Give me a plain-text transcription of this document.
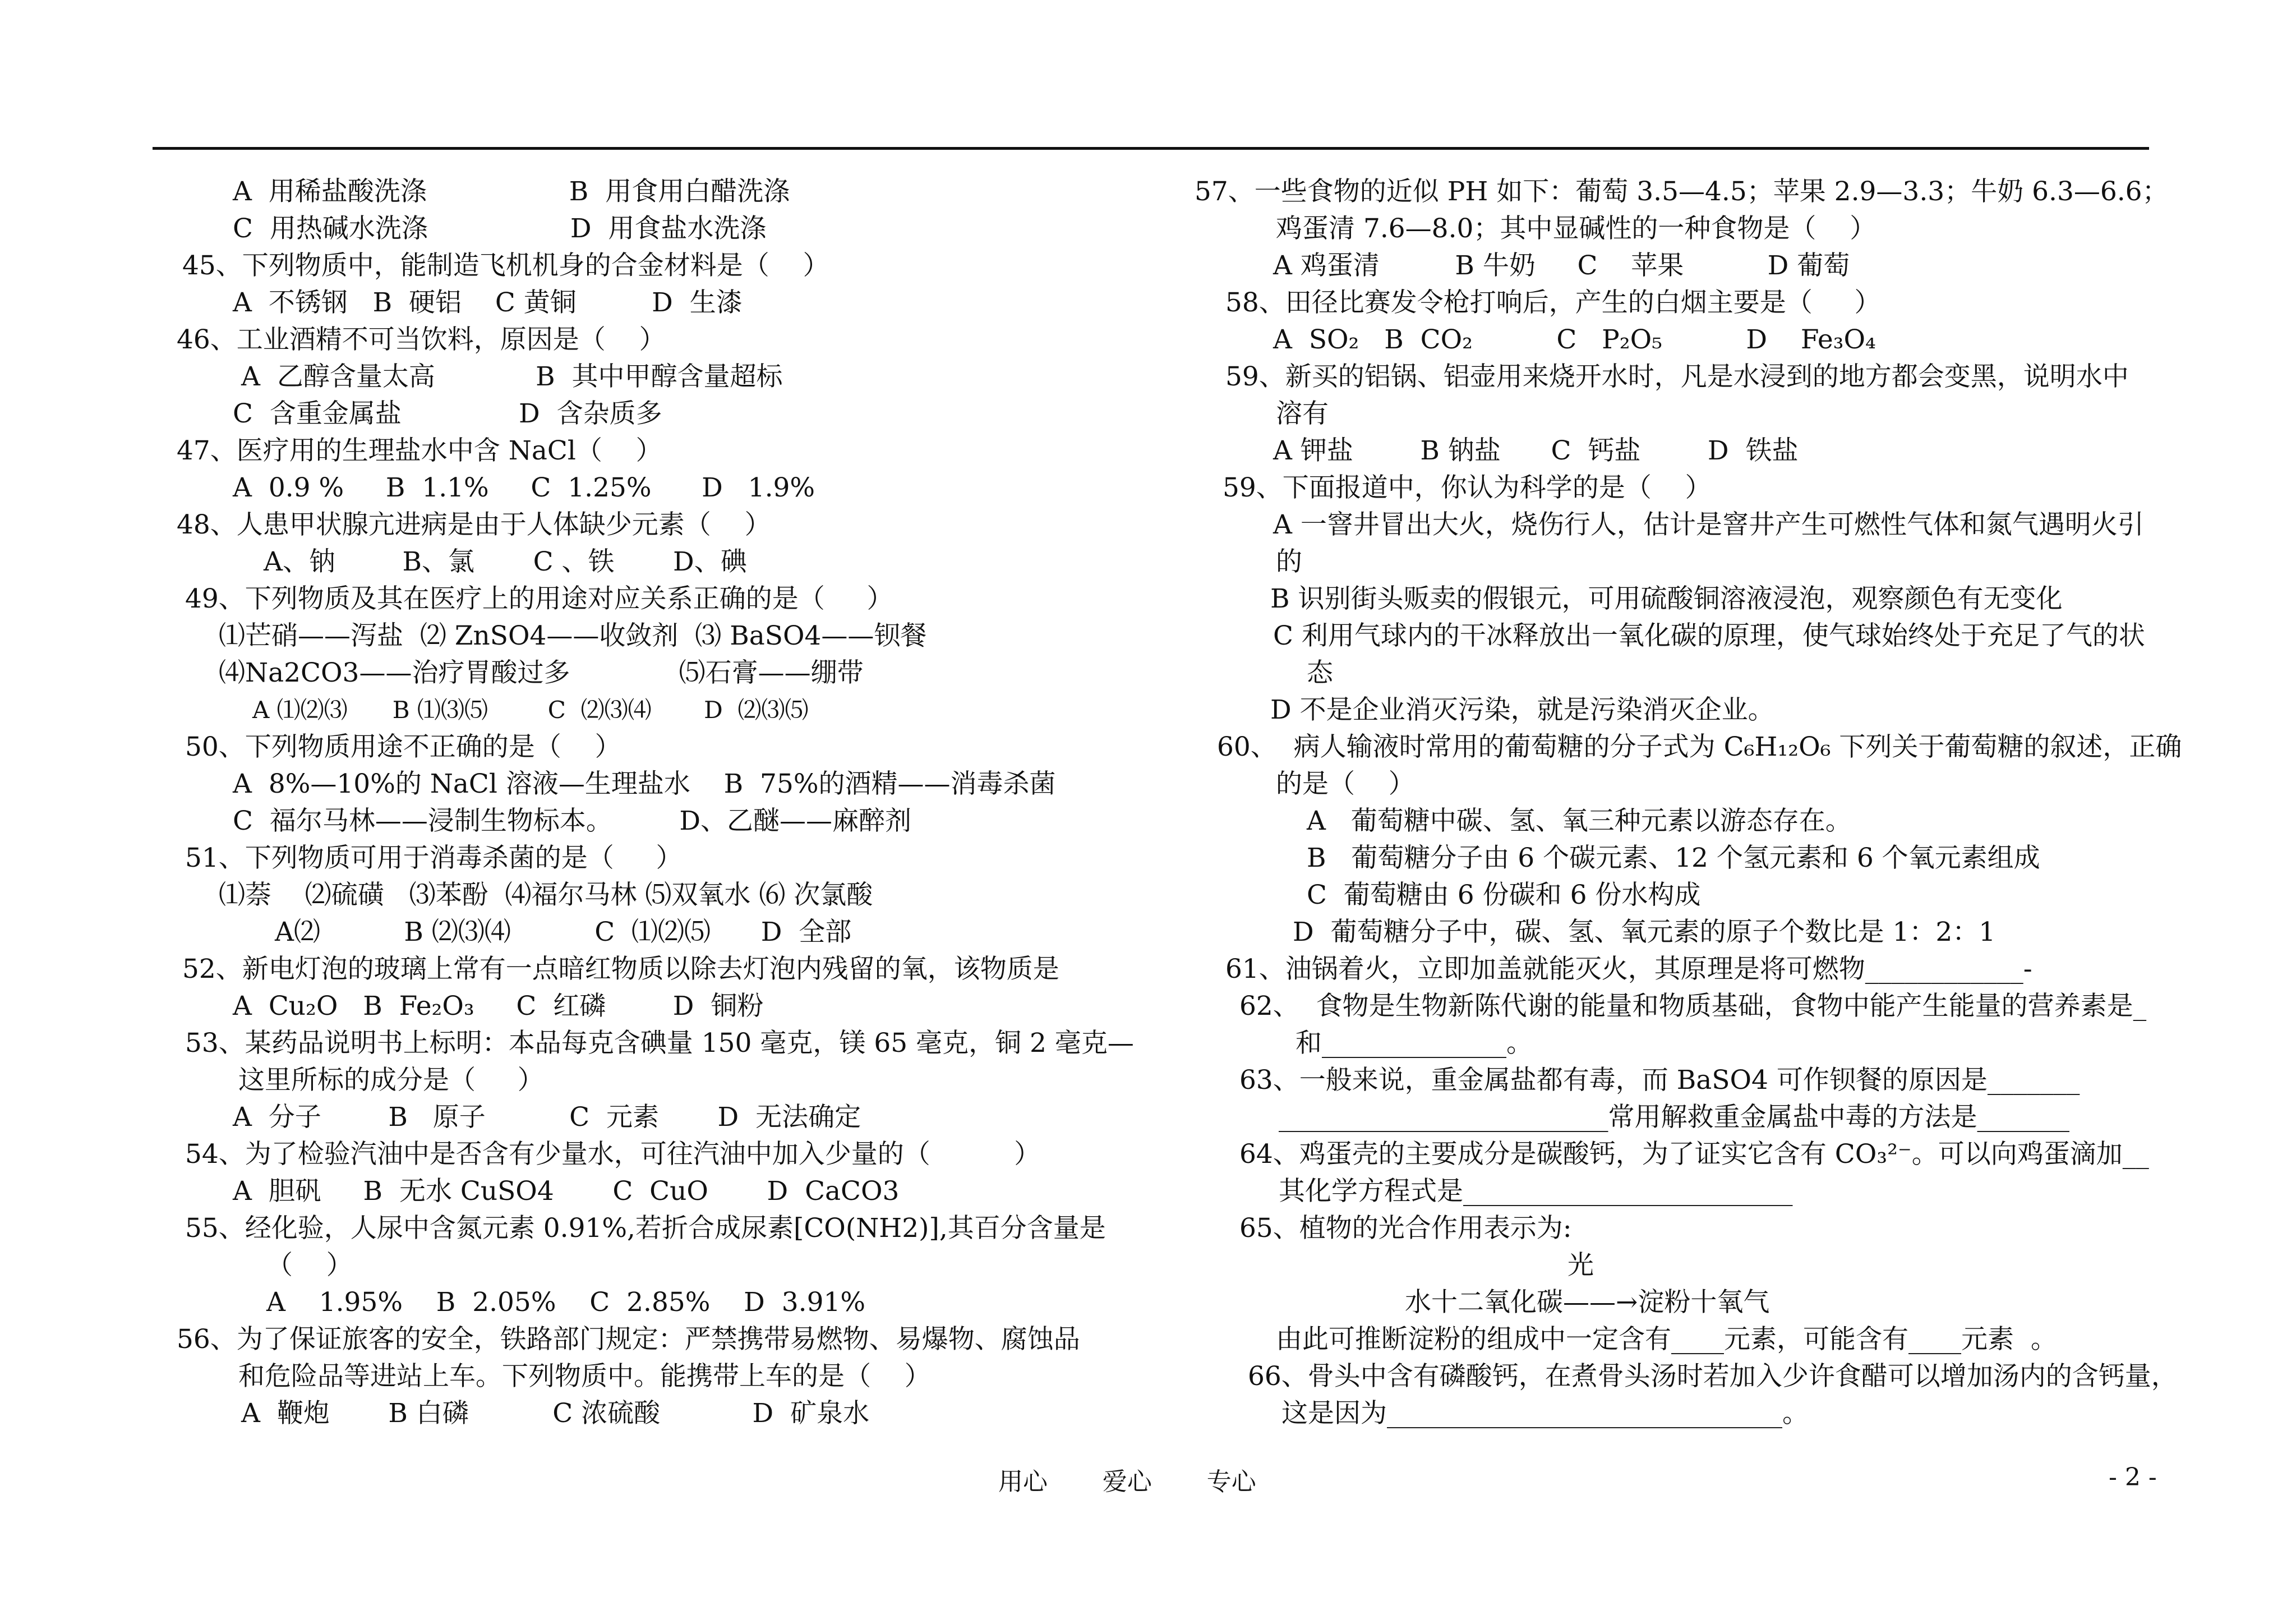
A  用稀盐酸洗涤                 B  用食用白醋洗涤
C  用热碱水洗涤                 D  用食盐水洗涤
45、下列物质中，能制造飞机机身的合金材料是（    ）
A  不锈钢   B  硬铝    C 黄铜         D  生漆
46、工业酒精不可当饮料，原因是（    ）
A  乙醇含量太高            B  其中甲醇含量超标
C  含重金属盐              D  含杂质多
47、医疗用的生理盐水中含 NaCl（    ）
A  0.9 %     B  1.1%     C  1.25%      D   1.9%
48、人患甲状腺亢进病是由于人体缺少元素（    ）
A、钠        B、氯       C 、铁       D、碘
49、下列物质及其在医疗上的用途对应关系正确的是（     ）
⑴芒硝——泻盐  ⑵ ZnSO4——收敛剂  ⑶ BaSO4——钡餐
⑷Na2CO3——治疗胃酸过多             ⑸石膏——绷带
A ⑴⑵⑶      B ⑴⑶⑸        C  ⑵⑶⑷       D  ⑵⑶⑸
50、下列物质用途不正确的是（    ）
A  8%—10%的 NaCl 溶液—生理盐水    B  75%的酒精——消毒杀菌
C  福尔马林——浸制生物标本。        D、乙醚——麻醉剂
51、下列物质可用于消毒杀菌的是（     ）
⑴萘    ⑵硫磺   ⑶苯酚  ⑷福尔马林 ⑸双氧水 ⑹ 次氯酸
A⑵          B ⑵⑶⑷          C  ⑴⑵⑸      D  全部
52、新电灯泡的玻璃上常有一点暗红物质以除去灯泡内残留的氧，该物质是
A  Cu₂O   B  Fe₂O₃     C  红磷        D  铜粉
53、某药品说明书上标明：本品每克含碘量 150 毫克，镁 65 毫克，铜 2 毫克—
这里所标的成分是（     ）
A  分子        B   原子          C  元素       D  无法确定
54、为了检验汽油中是否含有少量水，可往汽油中加入少量的（          ）
A  胆矾     B  无水 CuSO4       C  CuO       D  CaCO3
55、经化验，人尿中含氮元素 0.91%,若折合成尿素[CO(NH2)],其百分含量是
（    ）
A    1.95%    B  2.05%    C  2.85%    D  3.91%
56、为了保证旅客的安全，铁路部门规定：严禁携带易燃物、易爆物、腐蚀品
和危险品等进站上车。下列物质中。能携带上车的是（    ）
A  鞭炮       B 白磷          C 浓硫酸           D  矿泉水
57、一些食物的近似 PH 如下：葡萄 3.5—4.5；苹果 2.9—3.3；牛奶 6.3—6.6；
鸡蛋清 7.6—8.0；其中显碱性的一种食物是（    ）
A 鸡蛋清         B 牛奶     C    苹果          D 葡萄
58、田径比赛发令枪打响后，产生的白烟主要是（     ）
A  SO₂   B  CO₂          C   P₂O₅          D    Fe₃O₄
59、新买的铝锅、铝壶用来烧开水时，凡是水浸到的地方都会变黑，说明水中
溶有
A 钾盐        B 钠盐      C  钙盐        D  铁盐
59、下面报道中，你认为科学的是（    ）
A 一窨井冒出大火，烧伤行人，估计是窨井产生可燃性气体和氮气遇明火引
的
B 识别街头贩卖的假银元，可用硫酸铜溶液浸泡，观察颜色有无变化
C 利用气球内的干冰释放出一氧化碳的原理，使气球始终处于充足了气的状
态
D 不是企业消灭污染，就是污染消灭企业。
60、  病人输液时常用的葡萄糖的分子式为 C₆H₁₂O₆ 下列关于葡萄糖的叙述，正确
的是（    ）
A   葡萄糖中碳、氢、氧三种元素以游态存在。
B   葡萄糖分子由 6 个碳元素、12 个氢元素和 6 个氧元素组成
C  葡萄糖由 6 份碳和 6 份水构成
D  葡萄糖分子中，碳、氢、氧元素的原子个数比是 1：2：1
61、油锅着火，立即加盖就能灭火，其原理是将可燃物____________-
62、  食物是生物新陈代谢的能量和物质基础，食物中能产生能量的营养素是_
和______________。
63、一般来说，重金属盐都有毒，而 BaSO4 可作钡餐的原因是_______
_________________________常用解救重金属盐中毒的方法是_______
64、鸡蛋壳的主要成分是碳酸钙，为了证实它含有 CO₃²⁻。可以向鸡蛋滴加__
其化学方程式是_________________________
65、植物的光合作用表示为:
光
水十二氧化碳——→淀粉十氧气
由此可推断淀粉的组成中一定含有____元素，可能含有____元素  。
66、骨头中含有磷酸钙，在煮骨头汤时若加入少许食醋可以增加汤内的含钙量，
这是因为______________________________。
用心       爱心       专心	- 2 -
